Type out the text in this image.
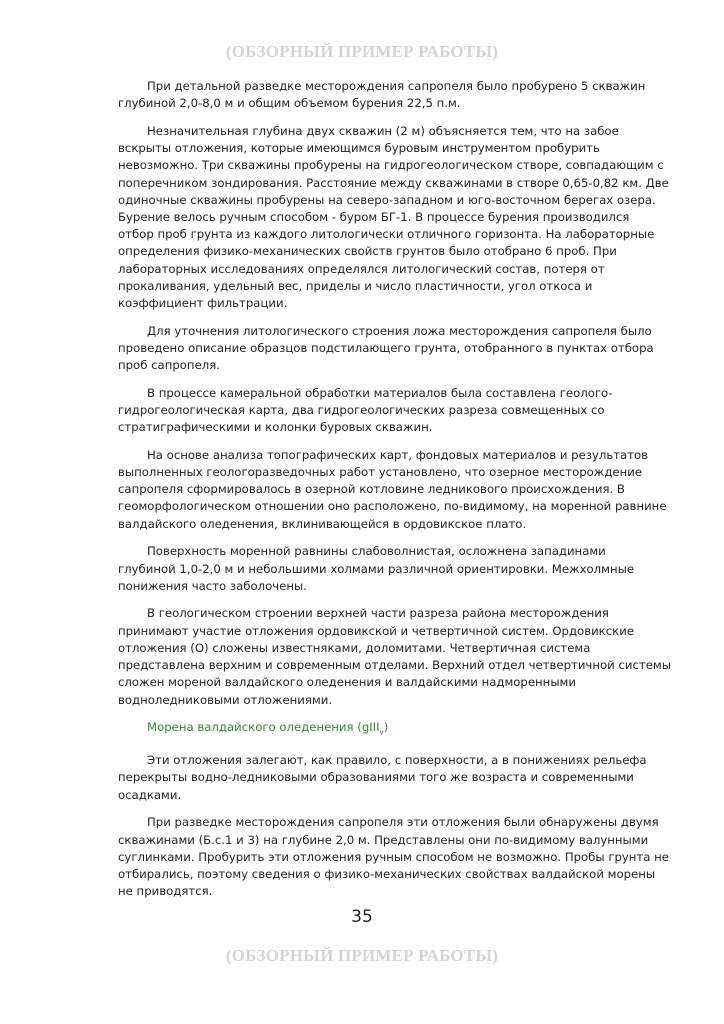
(ОБЗОРНЫЙ ПРИМЕР РАБОТЫ)

При детальной разведке месторождения сапропеля было пробурено 5 скважин
глубиной 2,0-8,0 м и общим объемом бурения 22,5 п.м.

Незначительная глубина двух скважин (2 м) объясняется тем, что на забое
вскрыты отложения, которые имеющимся буровым инструментом пробурить
невозможно. Три скважины пробурены на гидрогеологическом створе, совпадающим с
поперечником зондирования. Расстояние между скважинами в створе 0,65-0,82 км. Две
одиночные скважины пробурены на северо-западном и юго-восточном берегах озера.
Бурение велось ручным способом - буром БГ-1. В процессе бурения производился
отбор проб грунта из каждого литологически отличного горизонта. На лабораторные
определения физико-механических свойств грунтов было отобрано 6 проб. При
лабораторных исследованиях определялся литологический состав, потеря от
прокаливания, удельный вес, приделы и число пластичности, угол откоса и
коэффициент фильтрации.

Для уточнения литологического строения ложа месторождения сапропеля было
проведено описание образцов подстилающего грунта, отобранного в пунктах отбора
проб сапропеля.

В процессе камеральной обработки материалов была составлена геолого-
гидрогеологическая карта, два гидрогеологических разреза совмещенных со
стратиграфическими и колонки буровых скважин.

На основе анализа топографических карт, фондовых материалов и результатов
выполненных геологоразведочных работ установлено, что озерное месторождение
сапропеля сформировалось в озерной котловине ледникового происхождения. В
геоморфологическом отношении оно расположено, по-видимому, на моренной равнине
валдайского оледенения, вклинивающейся в ордовикское плато.

Поверхность моренной равнины слабоволнистая, осложнена западинами
глубиной 1,0-2,0 м и небольшими холмами различной ориентировки. Межхолмные
понижения часто заболочены.

В геологическом строении верхней части разреза района месторождения
принимают участие отложения ордовикской и четвертичной систем. Ордовикские
отложения (О) сложены известняками, доломитами. Четвертичная система
представлена верхним и современным отделами. Верхний отдел четвертичной системы
сложен мореной валдайского оледенения и валдайскими надморенными
водноледниковыми отложениями.

Морена валдайского оледенения (gIII$_v$)

Эти отложения залегают, как правило, с поверхности, а в понижениях рельефа
перекрыты водно-ледниковыми образованиями того же возраста и современными
осадками.

При разведке месторождения сапропеля эти отложения были обнаружены двумя
скважинами (Б.с.1 и 3) на глубине 2,0 м. Представлены они по-видимому валунными
суглинками. Пробурить эти отложения ручным способом не возможно. Пробы грунта не
отбирались, поэтому сведения о физико-механических свойствах валдайской морены
не приводятся.

35
(ОБЗОРНЫЙ ПРИМЕР РАБОТЫ)
